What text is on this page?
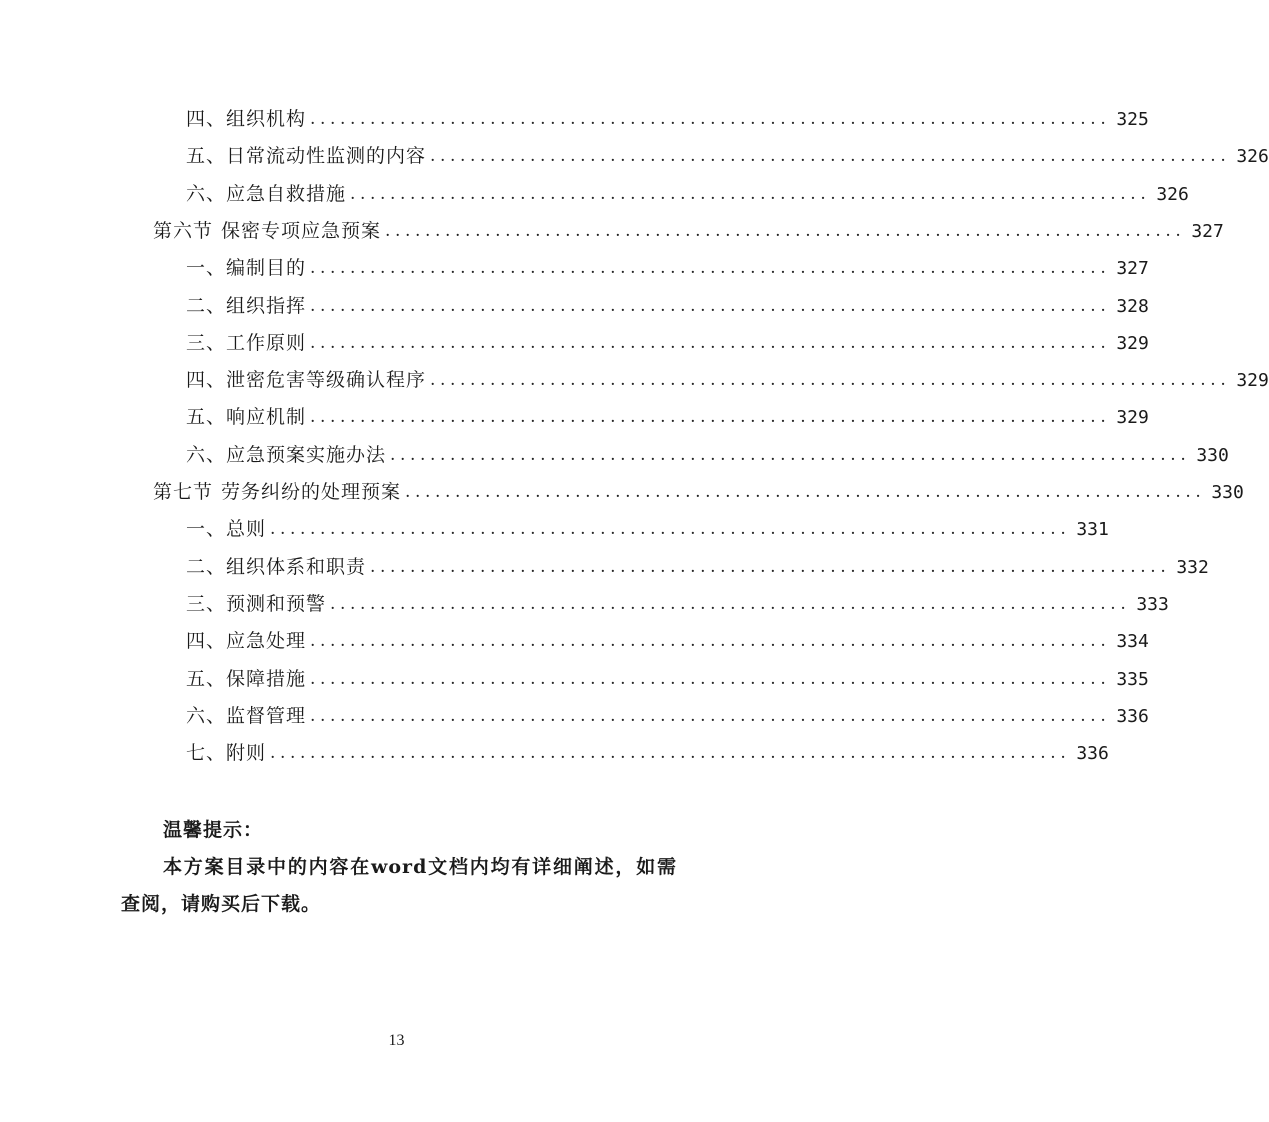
四、组织机构 ................................................................................ 325
五、日常流动性监测的内容 ................................................................................ 326
六、应急自救措施 ................................................................................ 326
第六节 保密专项应急预案 ................................................................................ 327
一、编制目的 ................................................................................ 327
二、组织指挥 ................................................................................ 328
三、工作原则 ................................................................................ 329
四、泄密危害等级确认程序 ................................................................................ 329
五、响应机制 ................................................................................ 329
六、应急预案实施办法 ................................................................................ 330
第七节 劳务纠纷的处理预案 ................................................................................ 330
一、总则 ................................................................................ 331
二、组织体系和职责 ................................................................................ 332
三、预测和预警 ................................................................................ 333
四、应急处理 ................................................................................ 334
五、保障措施 ................................................................................ 335
六、监督管理 ................................................................................ 336
七、附则 ................................................................................ 336
温馨提示：
本方案目录中的内容在word文档内均有详细阐述，如需查阅，请购买后下载。
13
